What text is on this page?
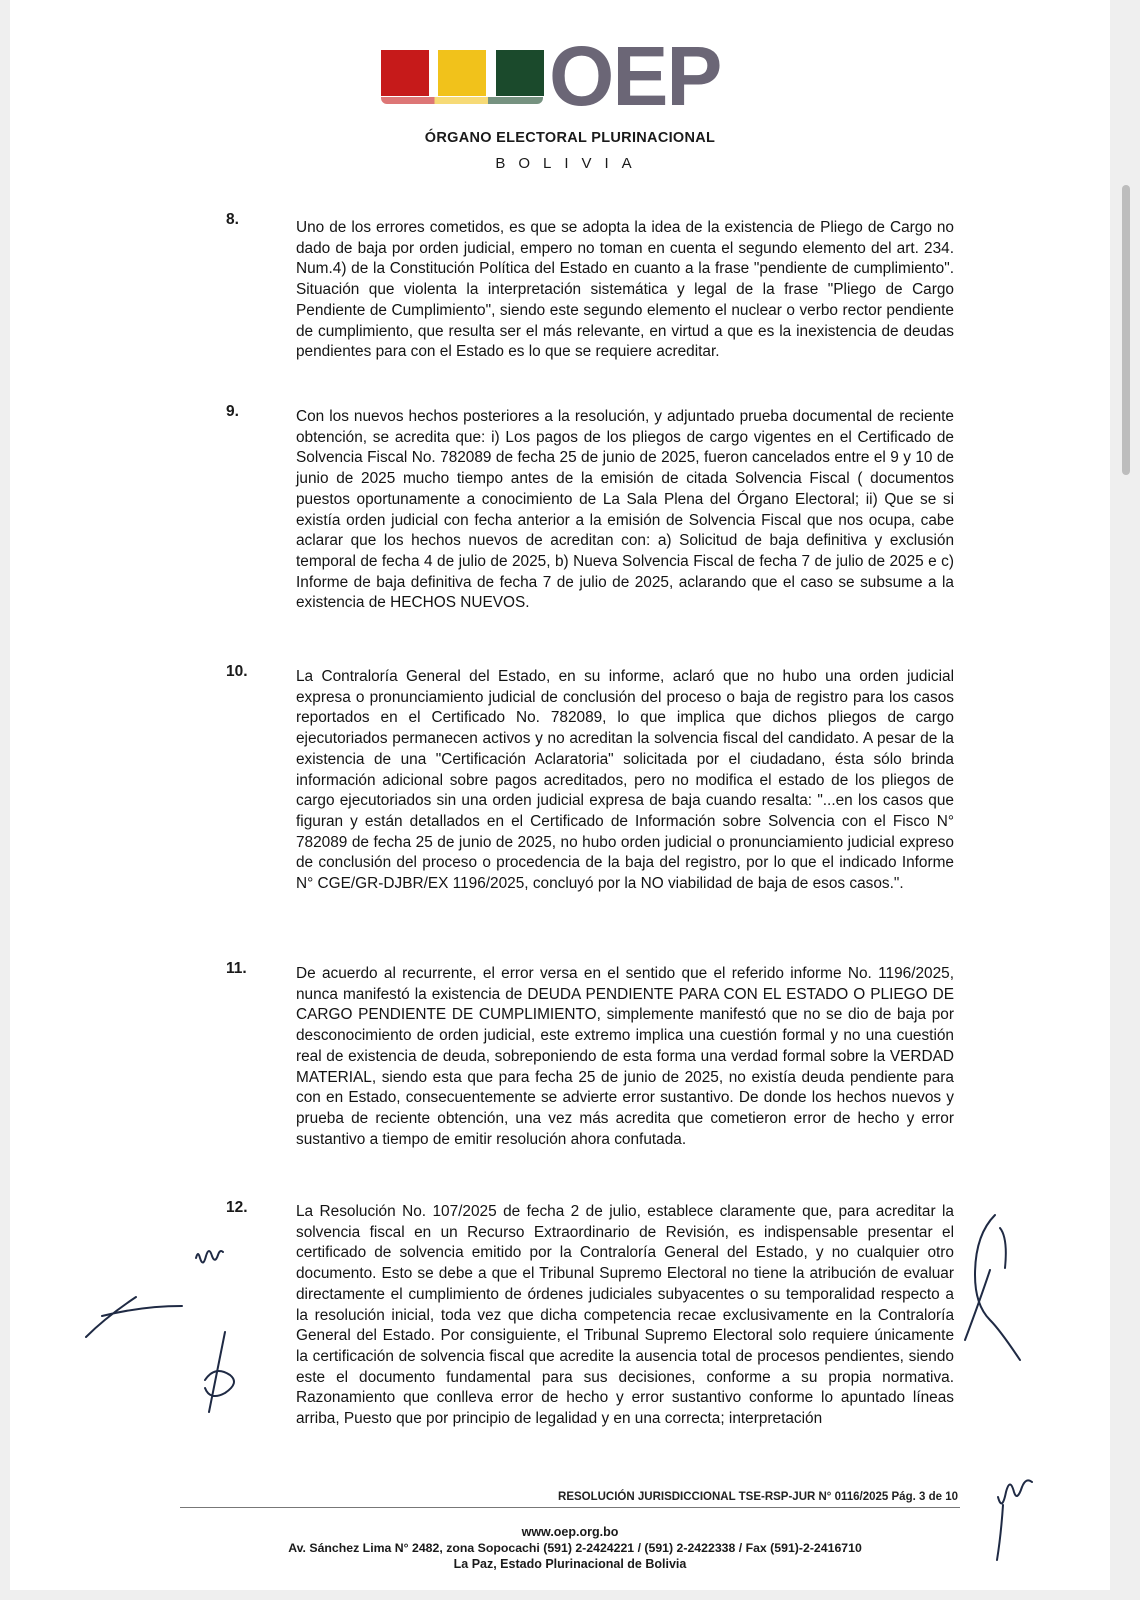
OEP
ÓRGANO ELECTORAL PLURINACIONAL
BOLIVIA
8.	Uno de los errores cometidos, es que se adopta la idea de la existencia de Pliego de Cargo no dado de baja por orden judicial, empero no toman en cuenta el segundo elemento del art. 234. Num.4) de la Constitución Política del Estado en cuanto a la frase "pendiente de cumplimiento". Situación que violenta la interpretación sistemática y legal de la frase "Pliego de Cargo Pendiente de Cumplimiento", siendo este segundo elemento el nuclear o verbo rector pendiente de cumplimiento, que resulta ser el más relevante, en virtud a que es la inexistencia de deudas pendientes para con el Estado es lo que se requiere acreditar.
9.	Con los nuevos hechos posteriores a la resolución, y adjuntado prueba documental de reciente obtención, se acredita que: i) Los pagos de los pliegos de cargo vigentes en el Certificado de Solvencia Fiscal No. 782089 de fecha 25 de junio de 2025, fueron cancelados entre el 9 y 10 de junio de 2025 mucho tiempo antes de la emisión de citada Solvencia Fiscal ( documentos puestos oportunamente a conocimiento de La Sala Plena del Órgano Electoral; ii) Que se si existía orden judicial con fecha anterior a la emisión de Solvencia Fiscal que nos ocupa, cabe aclarar que los hechos nuevos de acreditan con: a) Solicitud de baja definitiva y exclusión temporal de fecha 4 de julio de 2025, b) Nueva Solvencia Fiscal de fecha 7 de julio de 2025 e c) Informe de baja definitiva de fecha 7 de julio de 2025, aclarando que el caso se subsume a la existencia de HECHOS NUEVOS.
10.	La Contraloría General del Estado, en su informe, aclaró que no hubo una orden judicial expresa o pronunciamiento judicial de conclusión del proceso o baja de registro para los casos reportados en el Certificado No. 782089, lo que implica que dichos pliegos de cargo ejecutoriados permanecen activos y no acreditan la solvencia fiscal del candidato. A pesar de la existencia de una "Certificación Aclaratoria" solicitada por el ciudadano, ésta sólo brinda información adicional sobre pagos acreditados, pero no modifica el estado de los pliegos de cargo ejecutoriados sin una orden judicial expresa de baja cuando resalta: "...en los casos que figuran y están detallados en el Certificado de Información sobre Solvencia con el Fisco N° 782089 de fecha 25 de junio de 2025, no hubo orden judicial o pronunciamiento judicial expreso de conclusión del proceso o procedencia de la baja del registro, por lo que el indicado Informe N° CGE/GR-DJBR/EX 1196/2025, concluyó por la NO viabilidad de baja de esos casos.".
11.	De acuerdo al recurrente, el error versa en el sentido que el referido informe No. 1196/2025, nunca manifestó la existencia de DEUDA PENDIENTE PARA CON EL ESTADO O PLIEGO DE CARGO PENDIENTE DE CUMPLIMIENTO, simplemente manifestó que no se dio de baja por desconocimiento de orden judicial, este extremo implica una cuestión formal y no una cuestión real de existencia de deuda, sobreponiendo de esta forma una verdad formal sobre la VERDAD MATERIAL, siendo esta que para fecha 25 de junio de 2025, no existía deuda pendiente para con en Estado, consecuentemente se advierte error sustantivo. De donde los hechos nuevos y prueba de reciente obtención, una vez más acredita que cometieron error de hecho y error sustantivo a tiempo de emitir resolución ahora confutada.
12.	La Resolución No. 107/2025 de fecha 2 de julio, establece claramente que, para acreditar la solvencia fiscal en un Recurso Extraordinario de Revisión, es indispensable presentar el certificado de solvencia emitido por la Contraloría General del Estado, y no cualquier otro documento. Esto se debe a que el Tribunal Supremo Electoral no tiene la atribución de evaluar directamente el cumplimiento de órdenes judiciales subyacentes o su temporalidad respecto a la resolución inicial, toda vez que dicha competencia recae exclusivamente en la Contraloría General del Estado. Por consiguiente, el Tribunal Supremo Electoral solo requiere únicamente la certificación de solvencia fiscal que acredite la ausencia total de procesos pendientes, siendo este el documento fundamental para sus decisiones, conforme a su propia normativa. Razonamiento que conlleva error de hecho y error sustantivo conforme lo apuntado líneas arriba, Puesto que por principio de legalidad y en una correcta; interpretación
RESOLUCIÓN JURISDICCIONAL TSE-RSP-JUR N° 0116/2025 Pág. 3 de 10
www.oep.org.bo
Av. Sánchez Lima N° 2482, zona Sopocachi (591) 2-2424221 / (591) 2-2422338 / Fax (591)-2-2416710
La Paz, Estado Plurinacional de Bolivia
